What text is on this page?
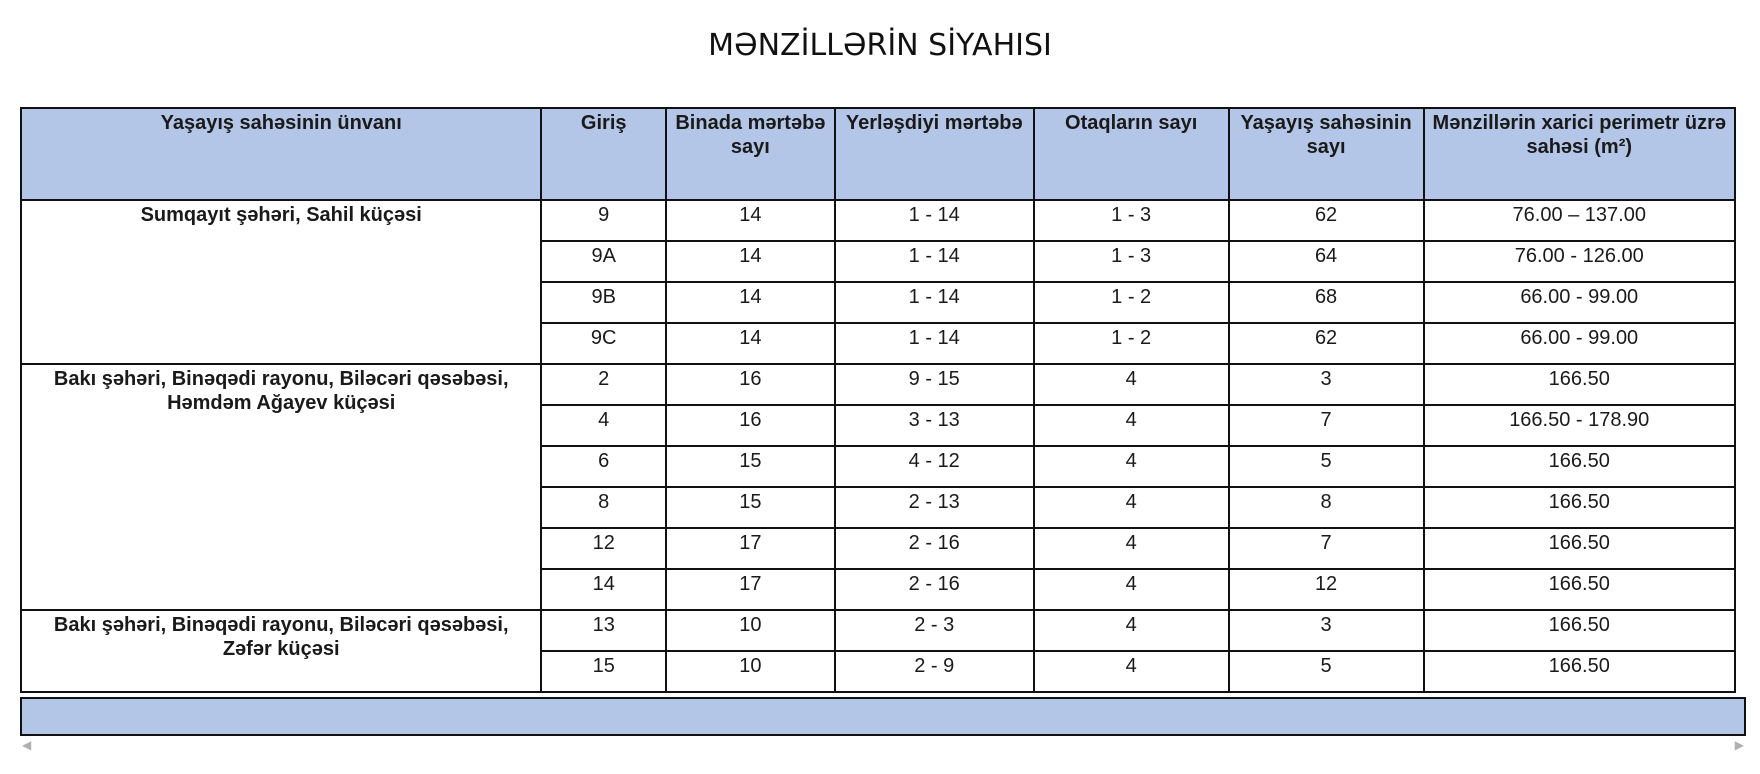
MƏNZİLLƏRİN SİYAHISI
Yaşayış sahəsinin ünvanı	Giriş	Binada mərtəbə sayı	Yerləşdiyi mərtəbə	Otaqların sayı	Yaşayış sahəsinin sayı	Mənzillərin xarici perimetr üzrə sahəsi (m²)
Sumqayıt şəhəri, Sahil küçəsi	9	14	1 - 14	1 - 3	62	76.00 – 137.00
	9A	14	1 - 14	1 - 3	64	76.00 - 126.00
	9B	14	1 - 14	1 - 2	68	66.00 - 99.00
	9C	14	1 - 14	1 - 2	62	66.00 - 99.00
Bakı şəhəri, Binəqədi rayonu, Biləcəri qəsəbəsi, Həmdəm Ağayev küçəsi	2	16	9 - 15	4	3	166.50
	4	16	3 - 13	4	7	166.50 - 178.90
	6	15	4 - 12	4	5	166.50
	8	15	2 - 13	4	8	166.50
	12	17	2 - 16	4	7	166.50
	14	17	2 - 16	4	12	166.50
Bakı şəhəri, Binəqədi rayonu, Biləcəri qəsəbəsi, Zəfər küçəsi	13	10	2 - 3	4	3	166.50
	15	10	2 - 9	4	5	166.50
◀	▶
